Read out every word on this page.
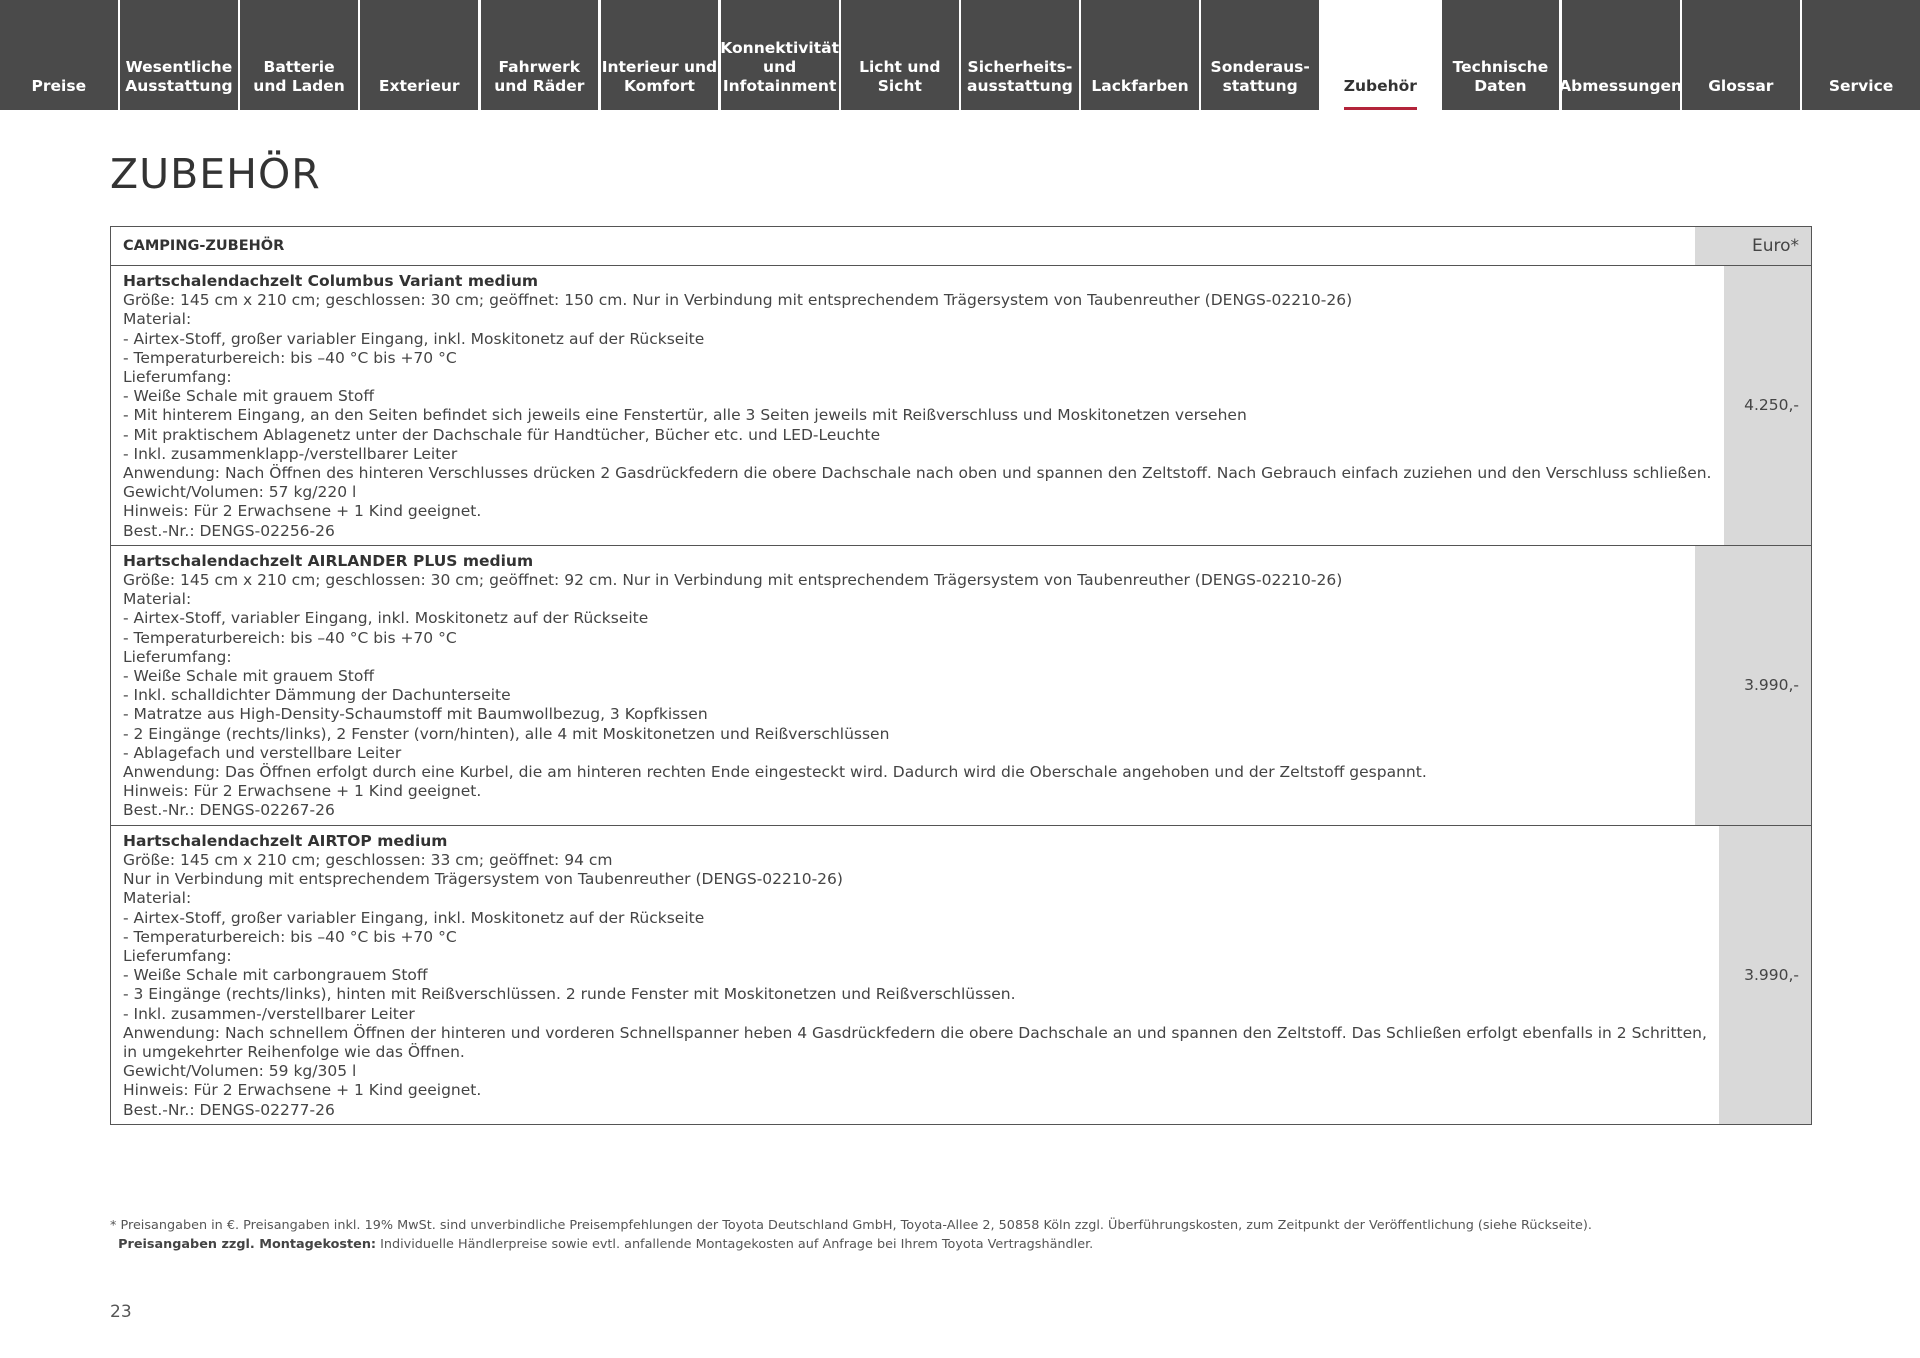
Preise
Wesentliche
Ausstattung
Batterie
und Laden	Exterieur
Fahrwerk
und Räder
Interieur und
Komfort
Konnektivität
und
Infotainment
Licht und Sicht
Sicherheits-
ausstattung	Lackfarben
Sonderaus-
stattung	Zubehör
Technische
Daten	Abmessungen	Glossar	Service
ZUBEHÖR
CAMPING-ZUBEHÖR	Euro*
Hartschalendachzelt Columbus Variant medium
Größe: 145 cm x 210 cm; geschlossen: 30 cm; geöffnet: 150 cm. Nur in Verbindung mit entsprechendem Trägersystem von Taubenreuther (DENGS-02210-26)
Material:
- Airtex-Stoff, großer variabler Eingang, inkl. Moskitonetz auf der Rückseite
- Temperaturbereich: bis –40 °C bis +70 °C
Lieferumfang:
- Weiße Schale mit grauem Stoff
- Mit hinterem Eingang, an den Seiten befindet sich jeweils eine Fenstertür, alle 3 Seiten jeweils mit Reißverschluss und Moskitonetzen versehen
- Mit praktischem Ablagenetz unter der Dachschale für Handtücher, Bücher etc. und LED-Leuchte
- Inkl. zusammenklapp-/verstellbarer Leiter
Anwendung: Nach Öffnen des hinteren Verschlusses drücken 2 Gasdrückfedern die obere Dachschale nach oben und spannen den Zeltstoff. Nach Gebrauch einfach zuziehen und den Verschluss schließen.
Gewicht/Volumen: 57 kg/220 l
Hinweis: Für 2 Erwachsene + 1 Kind geeignet.
Best.-Nr.: DENGS-02256-26
4.250,-
Hartschalendachzelt AIRLANDER PLUS medium
Größe: 145 cm x 210 cm; geschlossen: 30 cm; geöffnet: 92 cm. Nur in Verbindung mit entsprechendem Trägersystem von Taubenreuther (DENGS-02210-26)
Material:
- Airtex-Stoff, variabler Eingang, inkl. Moskitonetz auf der Rückseite
- Temperaturbereich: bis –40 °C bis +70 °C
Lieferumfang:
- Weiße Schale mit grauem Stoff
- Inkl. schalldichter Dämmung der Dachunterseite
- Matratze aus High-Density-Schaumstoff mit Baumwollbezug, 3 Kopfkissen
- 2 Eingänge (rechts/links), 2 Fenster (vorn/hinten), alle 4 mit Moskitonetzen und Reißverschlüssen
- Ablagefach und verstellbare Leiter
Anwendung: Das Öffnen erfolgt durch eine Kurbel, die am hinteren rechten Ende eingesteckt wird. Dadurch wird die Oberschale angehoben und der Zeltstoff gespannt.
Hinweis: Für 2 Erwachsene + 1 Kind geeignet.
Best.-Nr.: DENGS-02267-26
3.990,-
Hartschalendachzelt AIRTOP medium
Größe: 145 cm x 210 cm; geschlossen: 33 cm; geöffnet: 94 cm
Nur in Verbindung mit entsprechendem Trägersystem von Taubenreuther (DENGS-02210-26)
Material:
- Airtex-Stoff, großer variabler Eingang, inkl. Moskitonetz auf der Rückseite
- Temperaturbereich: bis –40 °C bis +70 °C
Lieferumfang:
- Weiße Schale mit carbongrauem Stoff
- 3 Eingänge (rechts/links), hinten mit Reißverschlüssen. 2 runde Fenster mit Moskitonetzen und Reißverschlüssen.
- Inkl. zusammen-/verstellbarer Leiter
Anwendung: Nach schnellem Öffnen der hinteren und vorderen Schnellspanner heben 4 Gasdrückfedern die obere Dachschale an und spannen den Zeltstoff. Das Schließen erfolgt ebenfalls in 2 Schritten,
in umgekehrter Reihenfolge wie das Öffnen.
Gewicht/Volumen: 59 kg/305 l
Hinweis: Für 2 Erwachsene + 1 Kind geeignet.
Best.-Nr.: DENGS-02277-26
3.990,-
* Preisangaben in €. Preisangaben inkl. 19% MwSt. sind unverbindliche Preisempfehlungen der Toyota Deutschland GmbH, Toyota-Allee 2, 50858 Köln zzgl. Überführungskosten, zum Zeitpunkt der Veröffentlichung (siehe Rückseite).
Preisangaben zzgl. Montagekosten: Individuelle Händlerpreise sowie evtl. anfallende Montagekosten auf Anfrage bei Ihrem Toyota Vertragshändler.
23
